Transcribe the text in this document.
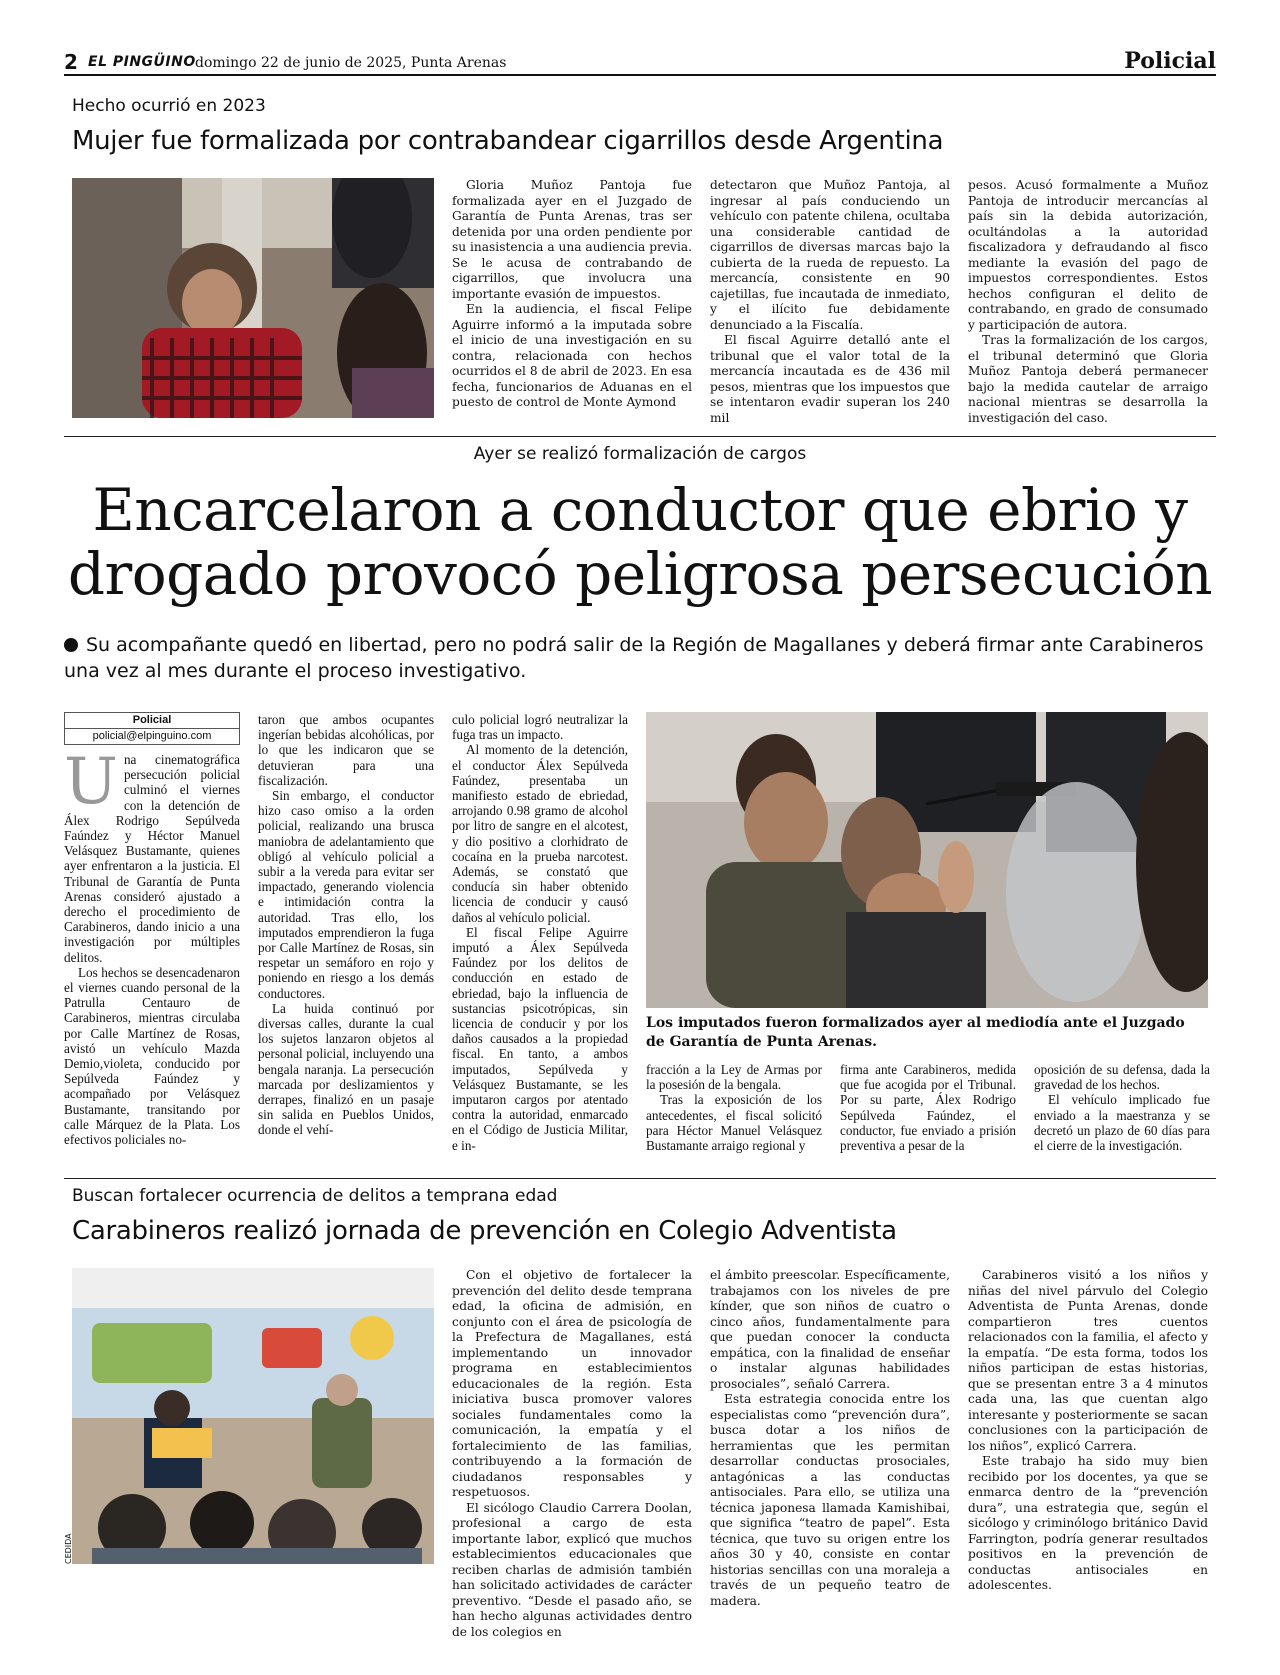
2 EL PINGÜINO domingo 22 de junio de 2025, Punta Arenas	Policial
Hecho ocurrió en 2023
Mujer fue formalizada por contrabandear cigarrillos desde Argentina

Gloria Muñoz Pantoja fue formalizada ayer en el Juzgado de Garantía de Punta Arenas, tras ser detenida por una orden pendiente por su inasistencia a una audiencia previa. Se le acusa de contrabando de cigarrillos, que involucra una importante evasión de impuestos.

En la audiencia, el fiscal Felipe Aguirre informó a la imputada sobre el inicio de una investigación en su contra, relacionada con hechos ocurridos el 8 de abril de 2023. En esa fecha, funcionarios de Aduanas en el puesto de control de Monte Aymond

detectaron que Muñoz Pantoja, al ingresar al país conduciendo un vehículo con patente chilena, ocultaba una considerable cantidad de cigarrillos de diversas marcas bajo la cubierta de la rueda de repuesto. La mercancía, consistente en 90 cajetillas, fue incautada de inmediato, y el ilícito fue debidamente denunciado a la Fiscalía.

El fiscal Aguirre detalló ante el tribunal que el valor total de la mercancía incautada es de 436 mil pesos, mientras que los impuestos que se intentaron evadir superan los 240 mil

pesos. Acusó formalmente a Muñoz Pantoja de introducir mercancías al país sin la debida autorización, ocultándolas a la autoridad fiscalizadora y defraudando al fisco mediante la evasión del pago de impuestos correspondientes. Estos hechos configuran el delito de contrabando, en grado de consumado y participación de autora.

Tras la formalización de los cargos, el tribunal determinó que Gloria Muñoz Pantoja deberá permanecer bajo la medida cautelar de arraigo nacional mientras se desarrolla la investigación del caso.

Ayer se realizó formalización de cargos
Encarcelaron a conductor que ebrio y
drogado provocó peligrosa persecución
Su acompañante quedó en libertad, pero no podrá salir de la Región de Magallanes y deberá firmar ante Carabineros una vez al mes durante el proceso investigativo.
Policial
policial@elpinguino.com

Una cinematográfica persecución policial culminó el viernes con la detención de Álex Rodrigo Sepúlveda Faúndez y Héctor Manuel Velásquez Bustamante, quienes ayer enfrentaron a la justicia. El Tribunal de Garantía de Punta Arenas consideró ajustado a derecho el procedimiento de Carabineros, dando inicio a una investigación por múltiples delitos.

Los hechos se desencadenaron el viernes cuando personal de la Patrulla Centauro de Carabineros, mientras circulaba por Calle Martínez de Rosas, avistó un vehículo Mazda Demio,violeta, conducido por Sepúlveda Faúndez y acompañado por Velásquez Bustamante, transitando por calle Márquez de la Plata. Los efectivos policiales no-

taron que ambos ocupantes ingerían bebidas alcohólicas, por lo que les indicaron que se detuvieran para una fiscalización.

Sin embargo, el conductor hizo caso omiso a la orden policial, realizando una brusca maniobra de adelantamiento que obligó al vehículo policial a subir a la vereda para evitar ser impactado, generando violencia e intimidación contra la autoridad. Tras ello, los imputados emprendieron la fuga por Calle Martínez de Rosas, sin respetar un semáforo en rojo y poniendo en riesgo a los demás conductores.

La huida continuó por diversas calles, durante la cual los sujetos lanzaron objetos al personal policial, incluyendo una bengala naranja. La persecución marcada por deslizamientos y derrapes, finalizó en un pasaje sin salida en Pueblos Unidos, donde el vehí-

culo policial logró neutralizar la fuga tras un impacto.

Al momento de la detención, el conductor Álex Sepúlveda Faúndez, presentaba un manifiesto estado de ebriedad, arrojando 0.98 gramo de alcohol por litro de sangre en el alcotest, y dio positivo a clorhidrato de cocaína en la prueba narcotest. Además, se constató que conducía sin haber obtenido licencia de conducir y causó daños al vehículo policial.

El fiscal Felipe Aguirre imputó a Álex Sepúlveda Faúndez por los delitos de conducción en estado de ebriedad, bajo la influencia de sustancias psicotrópicas, sin licencia de conducir y por los daños causados a la propiedad fiscal. En tanto, a ambos imputados, Sepúlveda y Velásquez Bustamante, se les imputaron cargos por atentado contra la autoridad, enmarcado en el Código de Justicia Militar, e in-

Los imputados fueron formalizados ayer al mediodía ante el Juzgado de Garantía de Punta Arenas.

fracción a la Ley de Armas por la posesión de la bengala.

Tras la exposición de los antecedentes, el fiscal solicitó para Héctor Manuel Velásquez Bustamante arraigo regional y

firma ante Carabineros, medida que fue acogida por el Tribunal. Por su parte, Álex Rodrigo Sepúlveda Faúndez, el conductor, fue enviado a prisión preventiva a pesar de la

oposición de su defensa, dada la gravedad de los hechos.

El vehículo implicado fue enviado a la maestranza y se decretó un plazo de 60 días para el cierre de la investigación.

Buscan fortalecer ocurrencia de delitos a temprana edad
Carabineros realizó jornada de prevención en Colegio Adventista
CEDIDA

Con el objetivo de fortalecer la prevención del delito desde temprana edad, la oficina de admisión, en conjunto con el área de psicología de la Prefectura de Magallanes, está implementando un innovador programa en establecimientos educacionales de la región. Esta iniciativa busca promover valores sociales fundamentales como la comunicación, la empatía y el fortalecimiento de las familias, contribuyendo a la formación de ciudadanos responsables y respetuosos.

El sicólogo Claudio Carrera Doolan, profesional a cargo de esta importante labor, explicó que muchos establecimientos educacionales que reciben charlas de admisión también han solicitado actividades de carácter preventivo. “Desde el pasado año, se han hecho algunas actividades dentro de los colegios en

el ámbito preescolar. Específicamente, trabajamos con los niveles de pre kínder, que son niños de cuatro o cinco años, fundamentalmente para que puedan conocer la conducta empática, con la finalidad de enseñar o instalar algunas habilidades prosociales”, señaló Carrera.

Esta estrategia conocida entre los especialistas como “prevención dura”, busca dotar a los niños de herramientas que les permitan desarrollar conductas prosociales, antagónicas a las conductas antisociales. Para ello, se utiliza una técnica japonesa llamada Kamishibai, que significa “teatro de papel”. Esta técnica, que tuvo su origen entre los años 30 y 40, consiste en contar historias sencillas con una moraleja a través de un pequeño teatro de madera.

Carabineros visitó a los niños y niñas del nivel párvulo del Colegio Adventista de Punta Arenas, donde compartieron tres cuentos relacionados con la familia, el afecto y la empatía. “De esta forma, todos los niños participan de estas historias, que se presentan entre 3 a 4 minutos cada una, las que cuentan algo interesante y posteriormente se sacan conclusiones con la participación de los niños”, explicó Carrera.

Este trabajo ha sido muy bien recibido por los docentes, ya que se enmarca dentro de la “prevención dura”, una estrategia que, según el sicólogo y criminólogo británico David Farrington, podría generar resultados positivos en la prevención de conductas antisociales en adolescentes.
